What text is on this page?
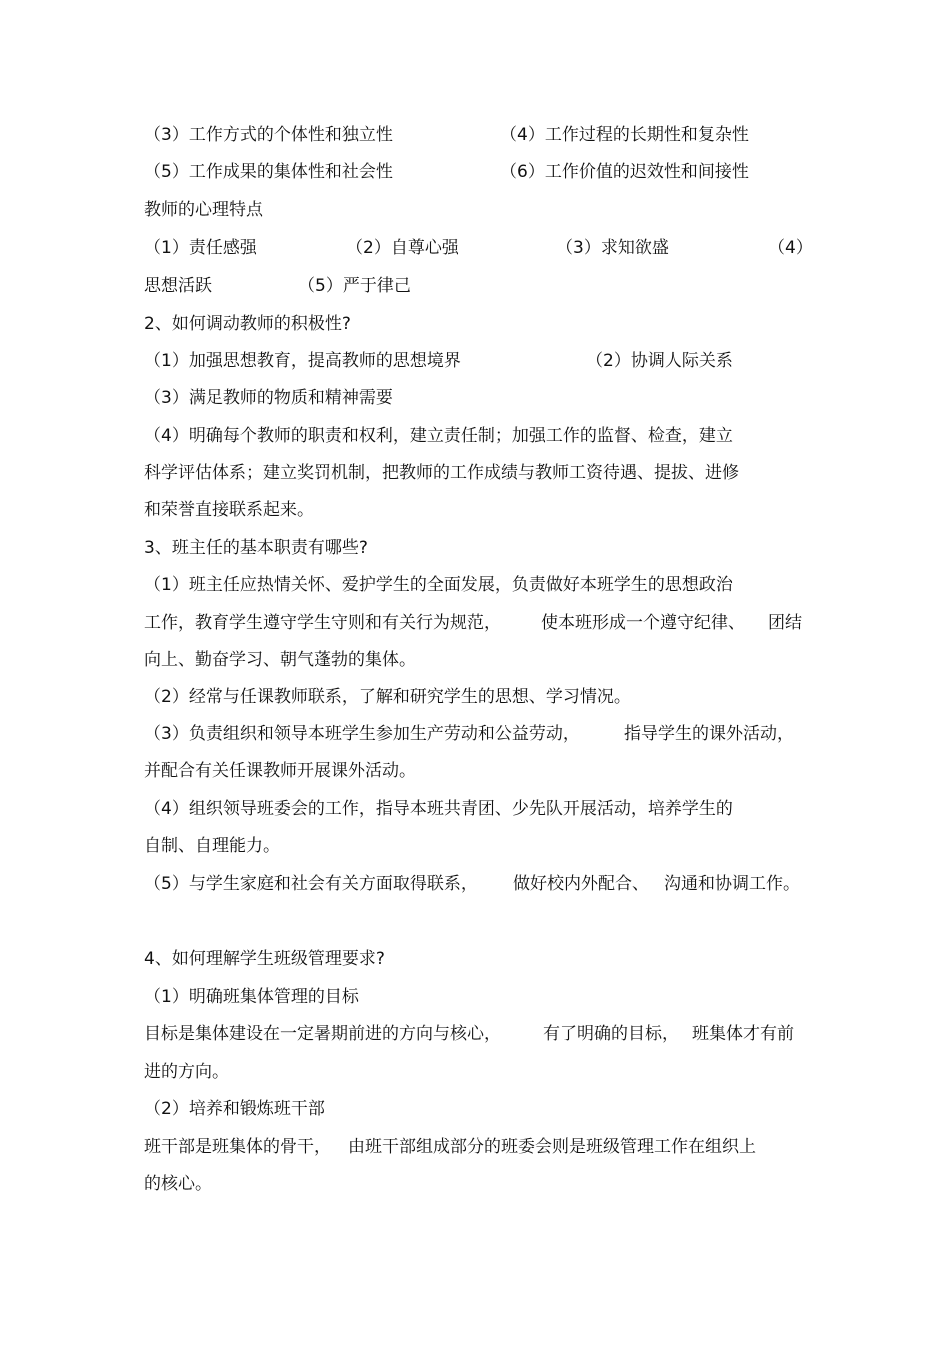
（3）工作方式的个体性和独立性	（4）工作过程的长期性和复杂性
（5）工作成果的集体性和社会性	（6）工作价值的迟效性和间接性
教师的心理特点
（1）责任感强	（2）自尊心强	（3）求知欲盛	（4）
思想活跃	（5）严于律己
2、如何调动教师的积极性?
（1）加强思想教育，提高教师的思想境界	（2）协调人际关系
（3）满足教师的物质和精神需要
（4）明确每个教师的职责和权利，建立责任制；加强工作的监督、检查，建立
科学评估体系；建立奖罚机制，把教师的工作成绩与教师工资待遇、提拔、进修
和荣誉直接联系起来。
3、班主任的基本职责有哪些?
（1）班主任应热情关怀、爱护学生的全面发展，负责做好本班学生的思想政治
工作，教育学生遵守学生守则和有关行为规范， 使本班形成一个遵守纪律、 团结
向上、勤奋学习、朝气蓬勃的集体。
（2）经常与任课教师联系，了解和研究学生的思想、学习情况。
（3）负责组织和领导本班学生参加生产劳动和公益劳动，	指导学生的课外活动，
并配合有关任课教师开展课外活动。
（4）组织领导班委会的工作，指导本班共青团、少先队开展活动，培养学生的
自制、自理能力。
（5）与学生家庭和社会有关方面取得联系， 做好校内外配合、 沟通和协调工作。
4、如何理解学生班级管理要求?
（1）明确班集体管理的目标
目标是集体建设在一定暑期前进的方向与核心， 有了明确的目标， 班集体才有前
进的方向。
（2）培养和锻炼班干部
班干部是班集体的骨干， 由班干部组成部分的班委会则是班级管理工作在组织上
的核心。
